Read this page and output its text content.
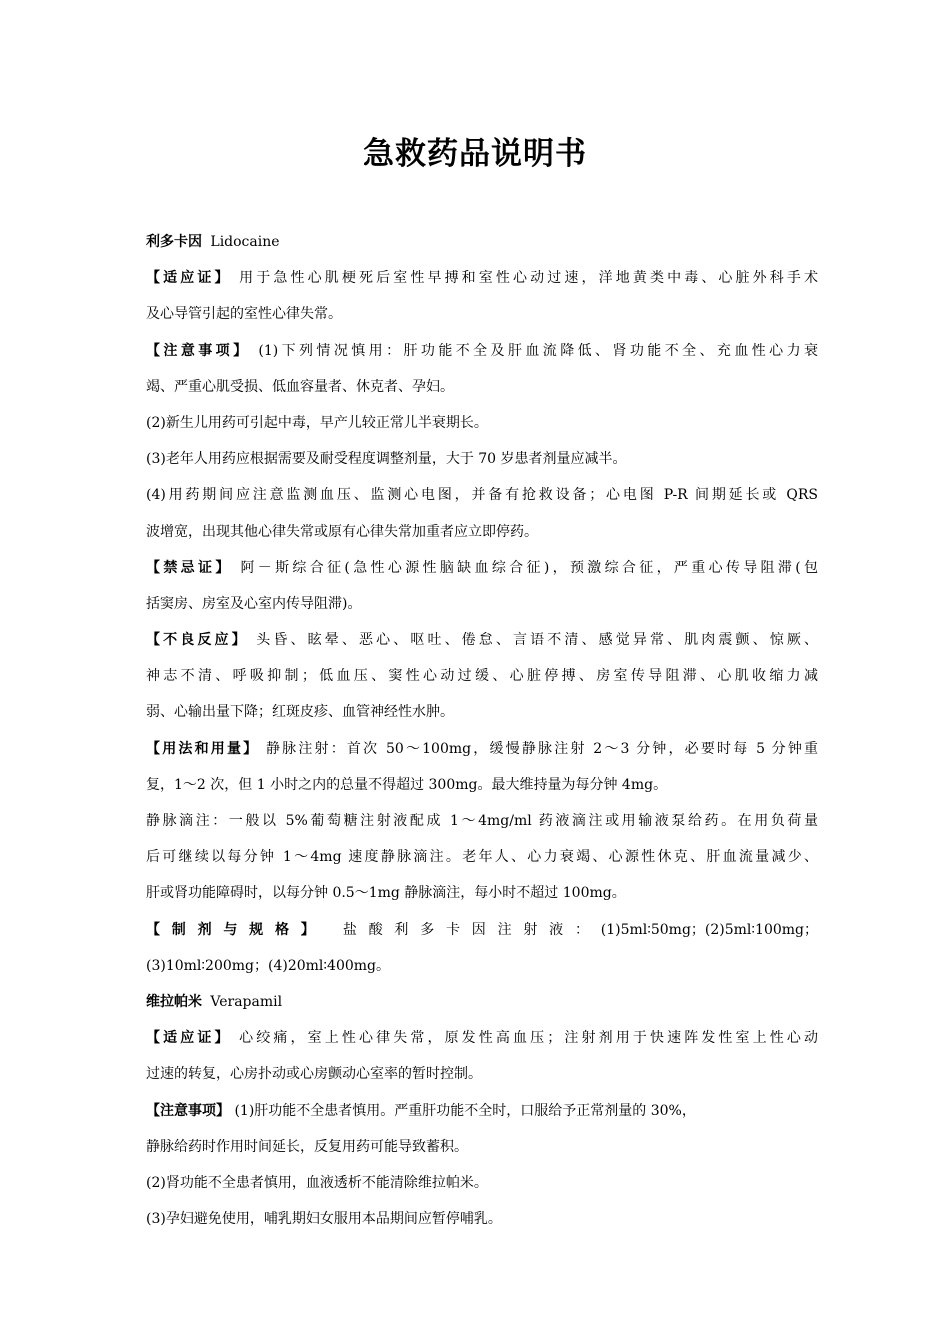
急救药品说明书
利多卡因 Lidocaine
【适应证】 用于急性心肌梗死后室性早搏和室性心动过速，洋地黄类中毒、心脏外科手术
及心导管引起的室性心律失常。
【注意事项】 (1)下列情况慎用：肝功能不全及肝血流降低、肾功能不全、充血性心力衰
竭、严重心肌受损、低血容量者、休克者、孕妇。
(2)新生儿用药可引起中毒，早产儿较正常儿半衰期长。
(3)老年人用药应根据需要及耐受程度调整剂量，大于 70 岁患者剂量应减半。
(4)用药期间应注意监测血压、监测心电图，并备有抢救设备；心电图 P-R 间期延长或 QRS
波增宽，出现其他心律失常或原有心律失常加重者应立即停药。
【禁忌证】 阿－斯综合征(急性心源性脑缺血综合征)，预激综合征，严重心传导阻滞(包
括窦房、房室及心室内传导阻滞)。
【不良反应】 头昏、眩晕、恶心、呕吐、倦怠、言语不清、感觉异常、肌肉震颤、惊厥、
神志不清、呼吸抑制；低血压、窦性心动过缓、心脏停搏、房室传导阻滞、心肌收缩力减
弱、心输出量下降；红斑皮疹、血管神经性水肿。
【用法和用量】 静脉注射：首次 50～100mg，缓慢静脉注射 2～3 分钟，必要时每 5 分钟重
复，1～2 次，但 1 小时之内的总量不得超过 300mg。最大维持量为每分钟 4mg。
静脉滴注：一般以 5%葡萄糖注射液配成 1～4mg/ml 药液滴注或用输液泵给药。在用负荷量
后可继续以每分钟 1～4mg 速度静脉滴注。老年人、心力衰竭、心源性休克、肝血流量减少、
肝或肾功能障碍时，以每分钟 0.5～1mg 静脉滴注，每小时不超过 100mg。
【制剂与规格】 盐酸利多卡因注射液：(1)5ml∶50mg；(2)5ml∶100mg；
(3)10ml∶200mg；(4)20ml∶400mg。
维拉帕米 Verapamil
【适应证】 心绞痛，室上性心律失常，原发性高血压；注射剂用于快速阵发性室上性心动
过速的转复，心房扑动或心房颤动心室率的暂时控制。
【注意事项】 (1)肝功能不全患者慎用。严重肝功能不全时，口服给予正常剂量的 30%，
静脉给药时作用时间延长，反复用药可能导致蓄积。
(2)肾功能不全患者慎用，血液透析不能清除维拉帕米。
(3)孕妇避免使用，哺乳期妇女服用本品期间应暂停哺乳。
